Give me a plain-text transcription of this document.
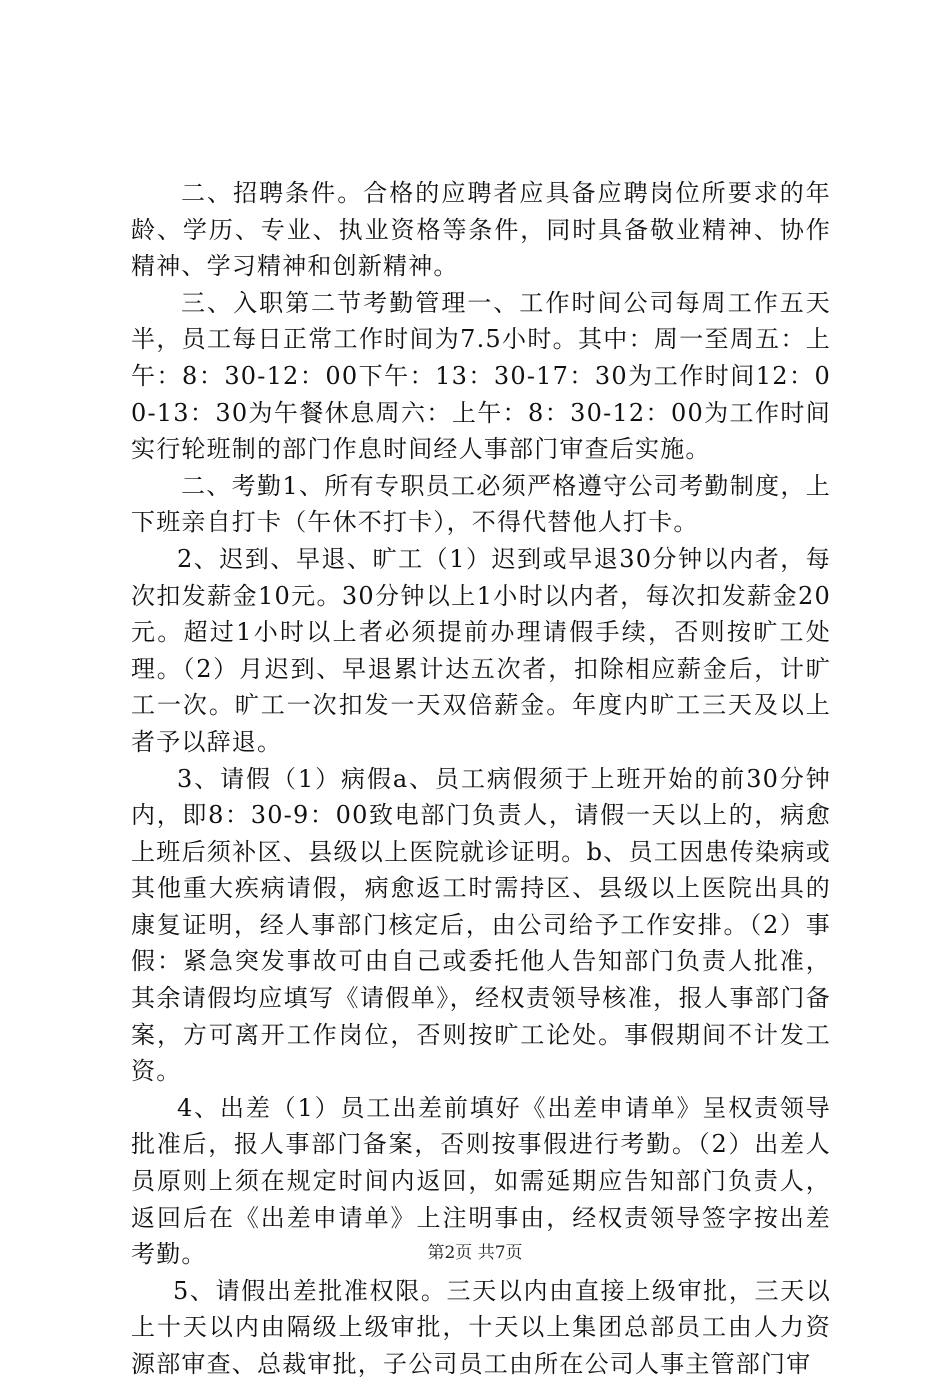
二、招聘条件。合格的应聘者应具备应聘岗位所要求的年龄、学历、专业、执业资格等条件，同时具备敬业精神、协作精神、学习精神和创新精神。

三、入职第二节考勤管理一、工作时间公司每周工作五天半，员工每日正常工作时间为7.5小时。其中：周一至周五：上午：8：30-12：00下午：13：30-17：30为工作时间12：00-13：30为午餐休息周六：上午：8：30-12：00为工作时间实行轮班制的部门作息时间经人事部门审查后实施。

二、考勤1、所有专职员工必须严格遵守公司考勤制度，上下班亲自打卡（午休不打卡），不得代替他人打卡。

2、迟到、早退、旷工（1）迟到或早退30分钟以内者，每次扣发薪金10元。30分钟以上1小时以内者，每次扣发薪金20元。超过1小时以上者必须提前办理请假手续，否则按旷工处理。（2）月迟到、早退累计达五次者，扣除相应薪金后，计旷工一次。旷工一次扣发一天双倍薪金。年度内旷工三天及以上者予以辞退。

3、请假（1）病假a、员工病假须于上班开始的前30分钟内，即8：30-9：00致电部门负责人，请假一天以上的，病愈上班后须补区、县级以上医院就诊证明。b、员工因患传染病或其他重大疾病请假，病愈返工时需持区、县级以上医院出具的康复证明，经人事部门核定后，由公司给予工作安排。（2）事假：紧急突发事故可由自己或委托他人告知部门负责人批准，其余请假均应填写《请假单》，经权责领导核准，报人事部门备案，方可离开工作岗位，否则按旷工论处。事假期间不计发工资。

4、出差（1）员工出差前填好《出差申请单》呈权责领导批准后，报人事部门备案，否则按事假进行考勤。（2）出差人员原则上须在规定时间内返回，如需延期应告知部门负责人，返回后在《出差申请单》上注明事由，经权责领导签字按出差考勤。

5、请假出差批准权限。三天以内由直接上级审批，三天以上十天以内由隔级上级审批，十天以上集团总部员工由人力资源部审查、总裁审批，子公司员工由所在公司人事主管部门审

第2页 共7页
